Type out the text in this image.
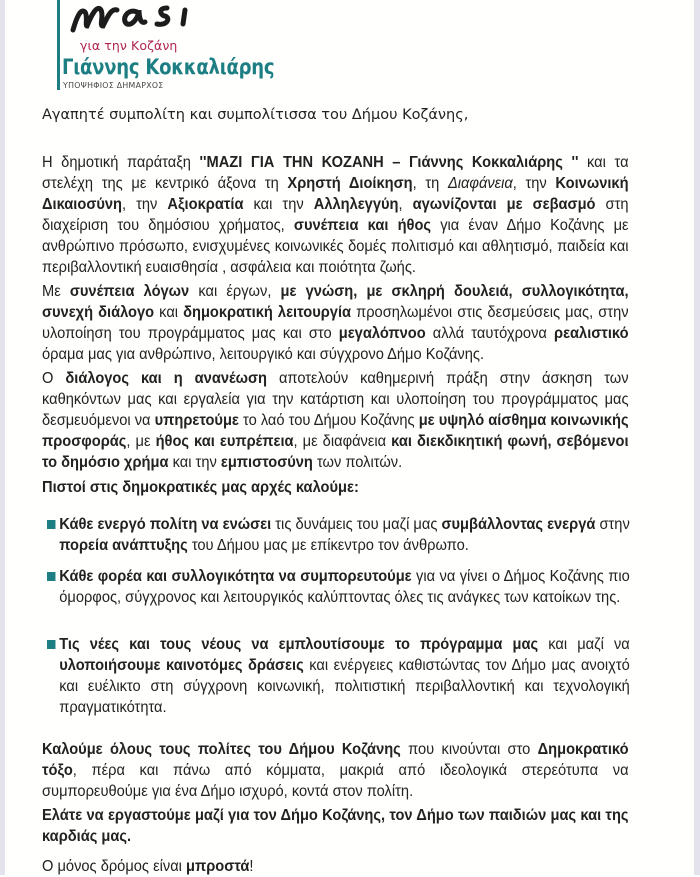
για την Κοζάνη
Γιάννης Κοκκαλιάρης
ΥΠΟΨΗΦΙΟΣ ΔΗΜΑΡΧΟΣ
Αγαπητέ συμπολίτη και συμπολίτισσα του Δήμου Κοζάνης,
Η δημοτική παράταξη ''ΜΑΖΙ ΓΙΑ ΤΗΝ ΚΟΖΑΝΗ – Γιάννης Κοκκαλιάρης '' και τα στελέχη της με κεντρικό άξονα τη Χρηστή Διοίκηση, τη Διαφάνεια, την Κοινωνική Δικαιοσύνη, την Αξιοκρατία και την Αλληλεγγύη, αγωνίζονται με σεβασμό στη διαχείριση του δημόσιου χρήματος, συνέπεια και ήθος για έναν Δήμο Κοζάνης με ανθρώπινο πρόσωπο, ενισχυμένες κοινωνικές δομές πολιτισμό και αθλητισμό, παιδεία και περιβαλλοντική ευαισθησία , ασφάλεια και ποιότητα ζωής.
Με συνέπεια λόγων και έργων, με γνώση, με σκληρή δουλειά, συλλογικότητα, συνεχή διάλογο και δημοκρατική λειτουργία προσηλωμένοι στις δεσμεύσεις μας, στην υλοποίηση του προγράμματος μας και στο μεγαλόπνοο αλλά ταυτόχρονα ρεαλιστικό όραμα μας για ανθρώπινο, λειτουργικό και σύγχρονο Δήμο Κοζάνης.
Ο διάλογος και η ανανέωση αποτελούν καθημερινή πράξη στην άσκηση των καθηκόντων μας και εργαλεία για την κατάρτιση και υλοποίηση του προγράμματος μας δεσμευόμενοι να υπηρετούμε το λαό του Δήμου Κοζάνης με υψηλό αίσθημα κοινωνικής προσφοράς, με ήθος και ευπρέπεια, με διαφάνεια και διεκδικητική φωνή, σεβόμενοι το δημόσιο χρήμα και την εμπιστοσύνη των πολιτών.
Πιστοί στις δημοκρατικές μας αρχές καλούμε:
Κάθε ενεργό πολίτη να ενώσει τις δυνάμεις του μαζί μας συμβάλλοντας ενεργά στην πορεία ανάπτυξης του Δήμου μας με επίκεντρο τον άνθρωπο.
Κάθε φορέα και συλλογικότητα να συμπορευτούμε για να γίνει ο Δήμος Κοζάνης πιο όμορφος, σύγχρονος και λειτουργικός καλύπτοντας όλες τις ανάγκες των κατοίκων της.
Τις νέες και τους νέους να εμπλουτίσουμε το πρόγραμμα μας και μαζί να υλοποιήσουμε καινοτόμες δράσεις και ενέργειες καθιστώντας τον Δήμο μας ανοιχτό και ευέλικτο στη σύγχρονη κοινωνική, πολιτιστική περιβαλλοντική και τεχνολογική πραγματικότητα.
Καλούμε όλους τους πολίτες του Δήμου Κοζάνης που κινούνται στο Δημοκρατικό τόξο, πέρα και πάνω από κόμματα, μακριά από ιδεολογικά στερεότυπα να συμπορευθούμε για ένα Δήμο ισχυρό, κοντά στον πολίτη.
Ελάτε να εργαστούμε μαζί για τον Δήμο Κοζάνης, τον Δήμο των παιδιών μας και της καρδιάς μας.
Ο μόνος δρόμος είναι μπροστά!
